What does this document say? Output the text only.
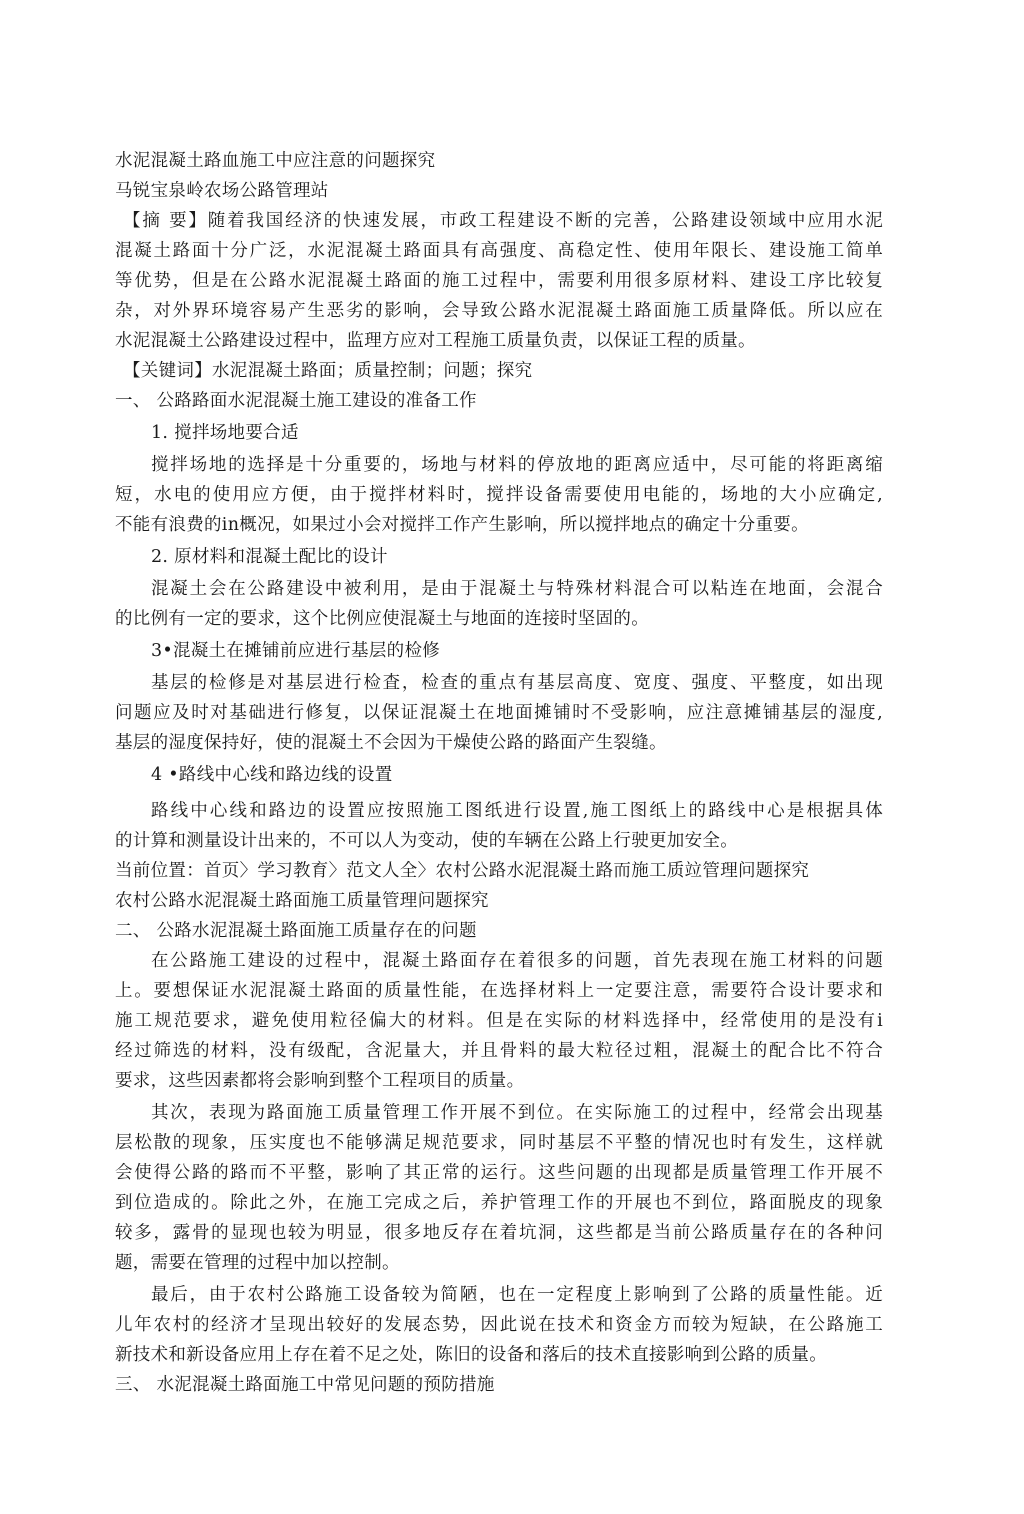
水泥混凝土路血施工中应注意的问题探究
马锐宝泉岭农场公路管理站
【摘 要】随着我国经济的快速发展，市政工程建设不断的完善，公路建设领域中应用水泥
混凝土路面十分广泛，水泥混凝土路面具有高强度、髙稳定性、使用年限长、建设施工简单
等优势，但是在公路水泥混凝土路面的施工过程中，需要利用很多原材料、建设工序比较复
杂，对外界环境容易产生恶劣的影响，会导致公路水泥混凝土路面施工质量降低。所以应在
水泥混凝土公路建设过程中，监理方应对工程施工质量负责，以保证工程的质量。
【关键词】水泥混凝土路面；质量控制；问题；探究
一、 公路路面水泥混凝土施工建设的准备工作
1. 搅拌场地要合适
搅拌场地的选择是十分重要的，场地与材料的停放地的距离应适中，尽可能的将距离缩
短，水电的使用应方便，由于搅拌材料时，搅拌设备需要使用电能的，场地的大小应确定,
不能有浪费的in概况，如果过小会对搅拌工作产生影响，所以搅拌地点的确定十分重要。
2. 原材料和混凝土配比的设计
混凝土会在公路建设中被利用，是由于混凝土与特殊材料混合可以粘连在地面，会混合
的比例有一定的要求，这个比例应使混凝土与地面的连接时坚固的。
3•混凝土在摊铺前应进行基层的检修
基层的检修是对基层进行检査，检查的重点有基层高度、宽度、强度、平整度，如出现
问题应及时对基础进行修复，以保证混凝土在地面摊铺时不受影响，应注意摊铺基层的湿度,
基层的湿度保持好，使的混凝土不会因为干燥使公路的路面产生裂缝。
4 •路线中心线和路边线的设置
路线中心线和路边的设置应按照施工图纸进行设置,施工图纸上的路线中心是根据具体
的计算和测量设计出来的，不可以人为变动，使的车辆在公路上行驶更加安全。
当前位置：首页〉学习教育〉范文人全〉农村公路水泥混凝土路而施工质竝管理问题探究
农村公路水泥混凝土路面施工质量管理问题探究
二、 公路水泥混凝土路面施工质量存在的问题
在公路施工建设的过程中，混凝土路面存在着很多的问题，首先表现在施工材料的问题
上。要想保证水泥混凝土路面的质量性能，在选择材料上一定要注意，需要符合设计要求和
施工规范要求，避免使用粒径偏大的材料。但是在实际的材料选择中，经常使用的是没有i
经过筛选的材料，没有级配，含泥量大，并且骨料的最大粒径过粗，混凝土的配合比不符合
要求，这些因素都将会影响到整个工程项目的质量。
其次，表现为路面施工质量管理工作开展不到位。在实际施工的过程中，经常会出现基
层松散的现象，压实度也不能够满足规范要求，同时基层不平整的情况也时有发生，这样就
会使得公路的路而不平整，影响了其正常的运行。这些问题的出现都是质量管理工作开展不
到位造成的。除此之外，在施工完成之后，养护管理工作的开展也不到位，路面脱皮的现象
较多，露骨的显现也较为明显，很多地反存在着坑洞，这些都是当前公路质量存在的各种问
题，需要在管理的过程中加以控制。
最后，由于农村公路施工设备较为简陋，也在一定程度上影响到了公路的质量性能。近
儿年农村的经济才呈现出较好的发展态势，因此说在技术和资金方而较为短缺，在公路施工
新技术和新设备应用上存在着不足之处，陈旧的设备和落后的技术直接影响到公路的质量。
三、 水泥混凝土路面施工中常见问题的预防措施
